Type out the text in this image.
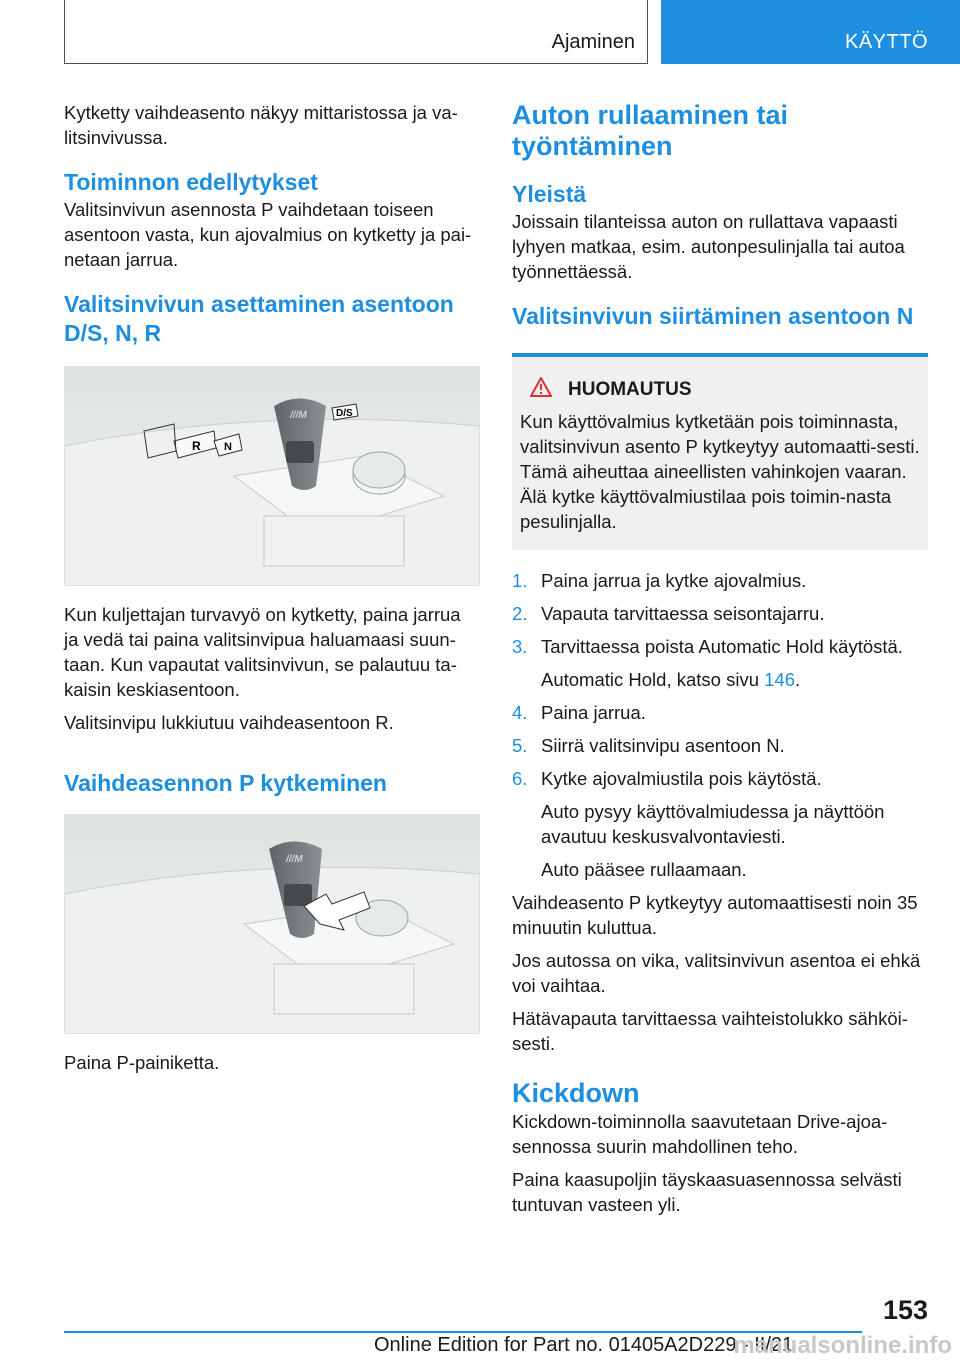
Ajaminen	KÄYTTÖ

Kytketty vaihdeasento näkyy mittaristossa ja va-litsinvivussa.

Toiminnon edellytykset

Valitsinvivun asennosta P vaihdetaan toiseen asentoon vasta, kun ajovalmius on kytketty ja pai-netaan jarrua.

Valitsinvivun asettaminen asentoon D/S, N, R
///M
R N
D/S

Kun kuljettajan turvavyö on kytketty, paina jarrua ja vedä tai paina valitsinvipua haluamaasi suun-taan. Kun vapautat valitsinvivun, se palautuu ta-kaisin keskiasentoon.

Valitsinvipu lukkiutuu vaihdeasentoon R.

Vaihdeasennon P kytkeminen
///M

Paina P-painiketta.

Auton rullaaminen tai työntäminen
Yleistä

Joissain tilanteissa auton on rullattava vapaasti lyhyen matkaa, esim. autonpesulinjalla tai autoa työnnettäessä.

Valitsinvivun siirtäminen asentoon N
HUOMAUTUS

Kun käyttövalmius kytketään pois toiminnasta, valitsinvivun asento P kytkeytyy automaatti-sesti. Tämä aiheuttaa aineellisten vahinkojen vaaran. Älä kytke käyttövalmiustilaa pois toimin-nasta pesulinjalla.

1. Paina jarrua ja kytke ajovalmius.
2. Vapauta tarvittaessa seisontajarru.
3. Tarvittaessa poista Automatic Hold käytöstä.
Automatic Hold, katso sivu 146.
4. Paina jarrua.
5. Siirrä valitsinvipu asentoon N.
6. Kytke ajovalmiustila pois käytöstä.
Auto pysyy käyttövalmiudessa ja näyttöön avautuu keskusvalvontaviesti.
Auto pääsee rullaamaan.

Vaihdeasento P kytkeytyy automaattisesti noin 35 minuutin kuluttua.

Jos autossa on vika, valitsinvivun asentoa ei ehkä voi vaihtaa.

Hätävapauta tarvittaessa vaihteistolukko sähköi-sesti.

Kickdown

Kickdown-toiminnolla saavutetaan Drive-ajoa-sennossa suurin mahdollinen teho.

Paina kaasupoljin täyskaasuasennossa selvästi tuntuvan vasteen yli.

153
Online Edition for Part no. 01405A2D229 - II/21
manualsonline.info
